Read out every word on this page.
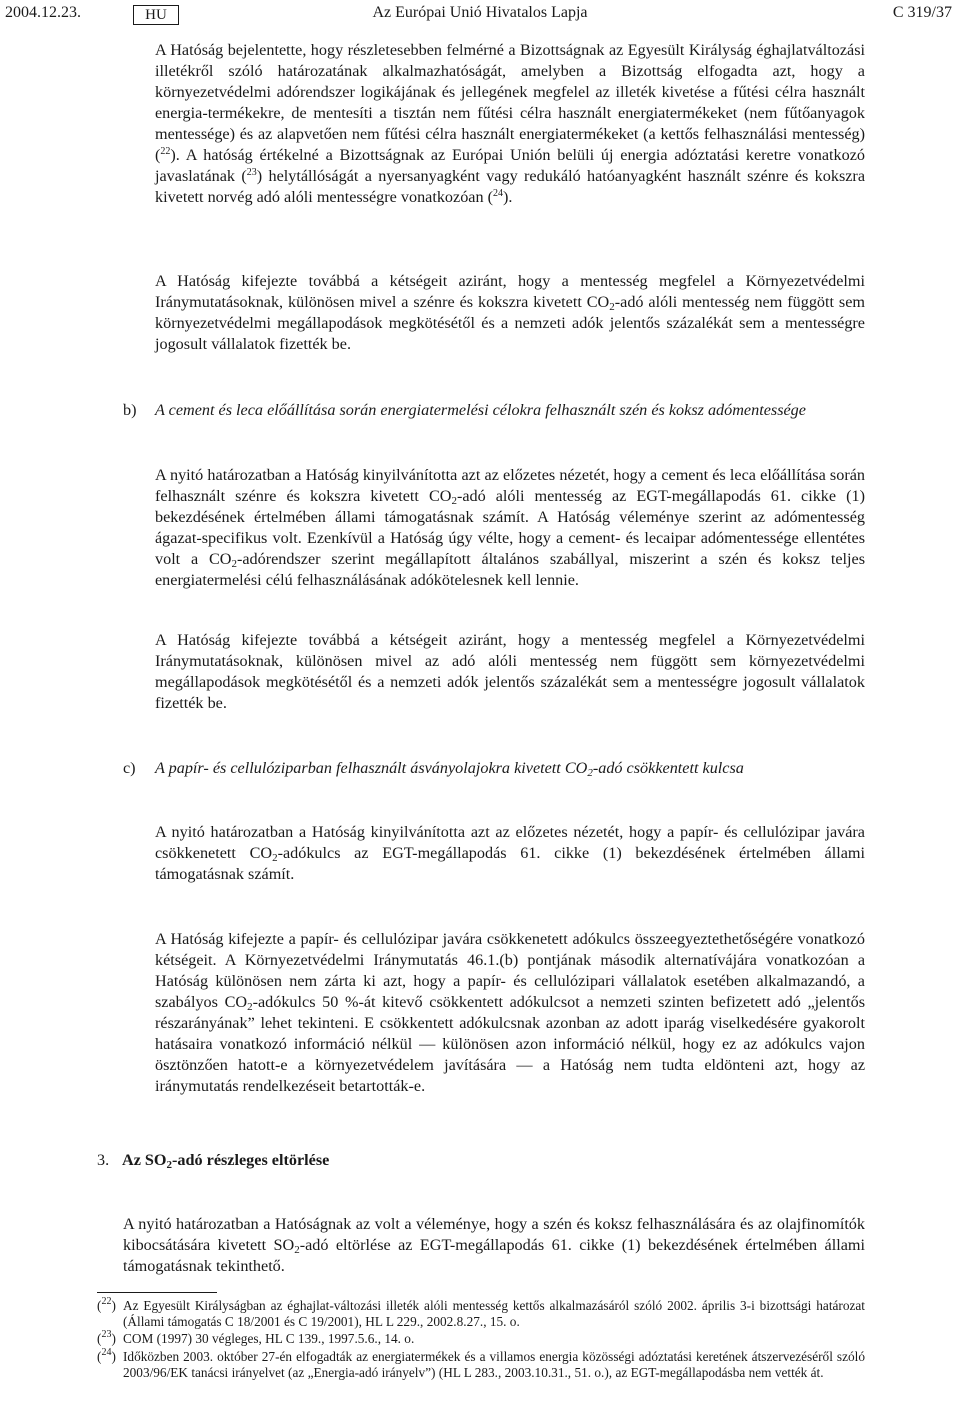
Az Európai Unió Hivatalos Lapja
2004.12.23.	HU	C 319/37
A Hatóság bejelentette, hogy részletesebben felmérné a Bizottságnak az Egyesült Királyság éghajlatváltozási illetékről szóló határozatának alkalmazhatóságát, amelyben a Bizottság elfogadta azt, hogy a környezetvédelmi adórendszer logikájának és jellegének megfelel az illeték kivetése a fűtési célra használt energia-termékekre, de mentesíti a tisztán nem fűtési célra használt energiatermékeket (nem fűtőanyagok mentessége) és az alapvetően nem fűtési célra használt energiatermékeket (a kettős felhasználási mentesség) ($^{22}$). A hatóság értékelné a Bizottságnak az Európai Unión belüli új energia adóztatási keretre vonatkozó javaslatának ($^{23}$) helytállóságát a nyersanyagként vagy redukáló hatóanyagként használt szénre és kokszra kivetett norvég adó alóli mentességre vonatkozóan ($^{24}$).
A Hatóság kifejezte továbbá a kétségeit aziránt, hogy a mentesség megfelel a Környezetvédelmi Iránymutatásoknak, különösen mivel a szénre és kokszra kivetett $CO_2$-adó alóli mentesség nem függött sem környezetvédelmi megállapodások megkötésétől és a nemzeti adók jelentős százalékát sem a mentességre jogosult vállalatok fizették be.
b) A cement és leca előállítása során energiatermelési célokra felhasznált szén és koksz adómentessége
A nyitó határozatban a Hatóság kinyilvánította azt az előzetes nézetét, hogy a cement és leca előállítása során felhasznált szénre és kokszra kivetett $CO_2$-adó alóli mentesség az EGT-megállapodás 61. cikke (1) bekezdésének értelmében állami támogatásnak számít. A Hatóság véleménye szerint az adómentesség ágazat-specifikus volt. Ezenkívül a Hatóság úgy vélte, hogy a cement- és lecaipar adómentessége ellentétes volt a $CO_2$-adórendszer szerint megállapított általános szabállyal, miszerint a szén és koksz teljes energiatermelési célú felhasználásának adókötelesnek kell lennie.
A Hatóság kifejezte továbbá a kétségeit aziránt, hogy a mentesség megfelel a Környezetvédelmi Iránymutatásoknak, különösen mivel az adó alóli mentesség nem függött sem környezetvédelmi megállapodások megkötésétől és a nemzeti adók jelentős százalékát sem a mentességre jogosult vállalatok fizették be.
c) A papír- és cellulóziparban felhasznált ásványolajokra kivetett $CO_2$-adó csökkentett kulcsa
A nyitó határozatban a Hatóság kinyilvánította azt az előzetes nézetét, hogy a papír- és cellulózipar javára csökkenetett $CO_2$-adókulcs az EGT-megállapodás 61. cikke (1) bekezdésének értelmében állami támogatásnak számít.
A Hatóság kifejezte a papír- és cellulózipar javára csökkenetett adókulcs összeegyeztethetőségére vonatkozó kétségeit. A Környezetvédelmi Iránymutatás 46.1.(b) pontjának második alternatívájára vonatkozóan a Hatóság különösen nem zárta ki azt, hogy a papír- és cellulózipari vállalatok esetében alkalmazandó, a szabályos $CO_2$-adókulcs 50 %-át kitevő csökkentett adókulcsot a nemzeti szinten befizetett adó „jelentős részarányának” lehet tekinteni. E csökkentett adókulcsnak azonban az adott iparág viselkedésére gyakorolt hatásaira vonatkozó információ nélkül — különösen azon információ nélkül, hogy ez az adókulcs vajon ösztönzően hatott-e a környezetvédelem javítására — a Hatóság nem tudta eldönteni azt, hogy az iránymutatás rendelkezéseit betartották-e.
3. Az $SO_2$-adó részleges eltörlése
A nyitó határozatban a Hatóságnak az volt a véleménye, hogy a szén és koksz felhasználására és az olajfinomítók kibocsátására kivetett $SO_2$-adó eltörlése az EGT-megállapodás 61. cikke (1) bekezdésének értelmében állami támogatásnak tekinthető.
($^{22}$) Az Egyesült Királyságban az éghajlat-változási illeték alóli mentesség kettős alkalmazásáról szóló 2002. április 3-i bizottsági határozat (Állami támogatás C 18/2001 és C 19/2001), HL L 229., 2002.8.27., 15. o.
($^{23}$) COM (1997) 30 végleges, HL C 139., 1997.5.6., 14. o.
($^{24}$) Időközben 2003. október 27-én elfogadták az energiatermékek és a villamos energia közösségi adóztatási keretének átszervezéséről szóló 2003/96/EK tanácsi irányelvet (az „Energia-adó irányelv”) (HL L 283., 2003.10.31., 51. o.), az EGT-megállapodásba nem vették át.
